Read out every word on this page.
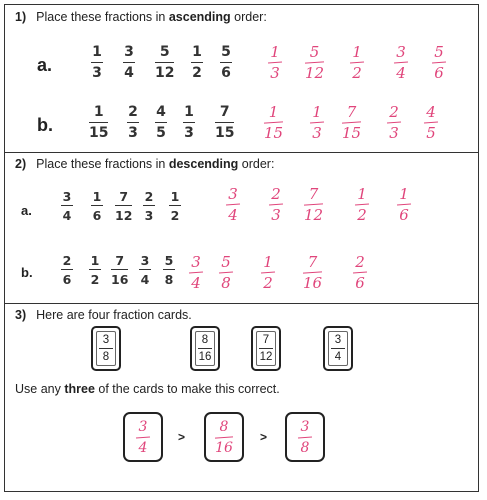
1) Place these fractions in ascending order:
a.
b.
1
3
3
4
5
12
1
2
5
6
1
3
5
12
1
2
3
4
5
6
1
15
2
3
4
5
1
3
7
15
1
15
1
3
7
15
2
3
4
5
2) Place these fractions in descending order:
a.
b.
3
4
1
6
7
12
2
3
1
2
3
4
2
3
7
12
1
2
1
6
2
6
1
2
7
16
3
4
5
8
3
4
5
8
1
2
7
16
2
6
3) Here are four fraction cards.
3
8
8
16
7
12
3
4
Use any three of the cards to make this correct.
3
4
8
16
3
8
>	>
